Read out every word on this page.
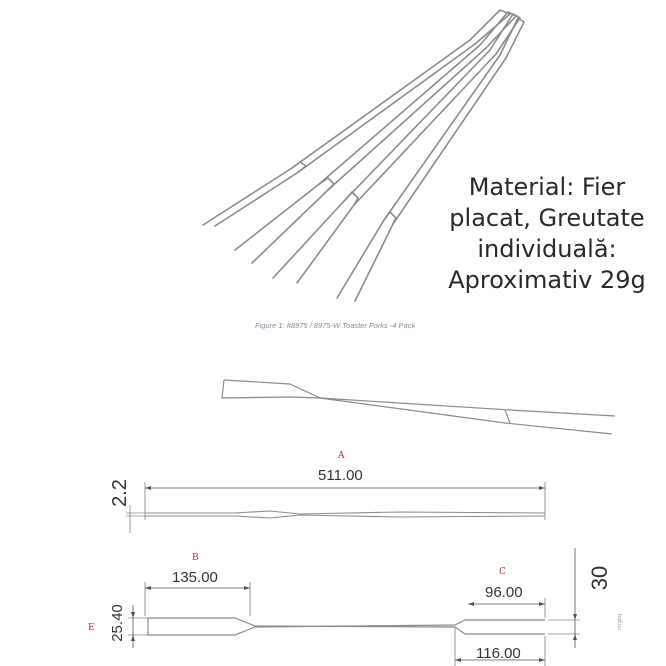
Material: Fier
placat, Greutate
individuală:
Aproximativ 29g
Figure 1: #8975 / 8975-W Toaster Forks -4 Pack
A
511.00
2.2
B
135.00	C
96.00
116.00
E 25.40
30
mrgbq
